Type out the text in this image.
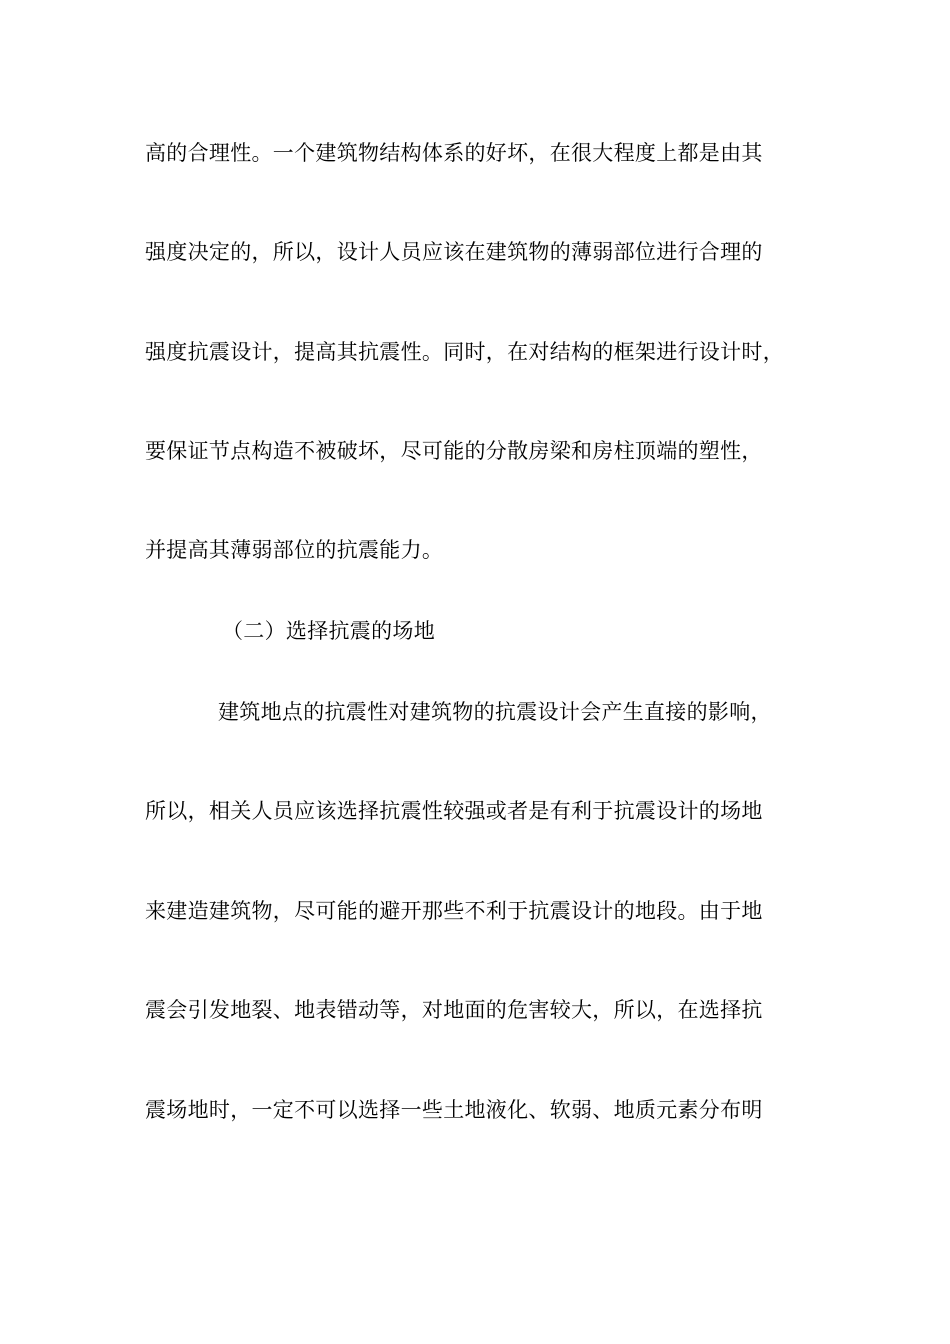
高的合理性。一个建筑物结构体系的好坏，在很大程度上都是由其
强度决定的，所以，设计人员应该在建筑物的薄弱部位进行合理的
强度抗震设计，提高其抗震性。同时，在对结构的框架进行设计时，
要保证节点构造不被破坏，尽可能的分散房梁和房柱顶端的塑性，
并提高其薄弱部位的抗震能力。
（二）选择抗震的场地
建筑地点的抗震性对建筑物的抗震设计会产生直接的影响，
所以，相关人员应该选择抗震性较强或者是有利于抗震设计的场地
来建造建筑物，尽可能的避开那些不利于抗震设计的地段。由于地
震会引发地裂、地表错动等，对地面的危害较大，所以，在选择抗
震场地时，一定不可以选择一些土地液化、软弱、地质元素分布明
